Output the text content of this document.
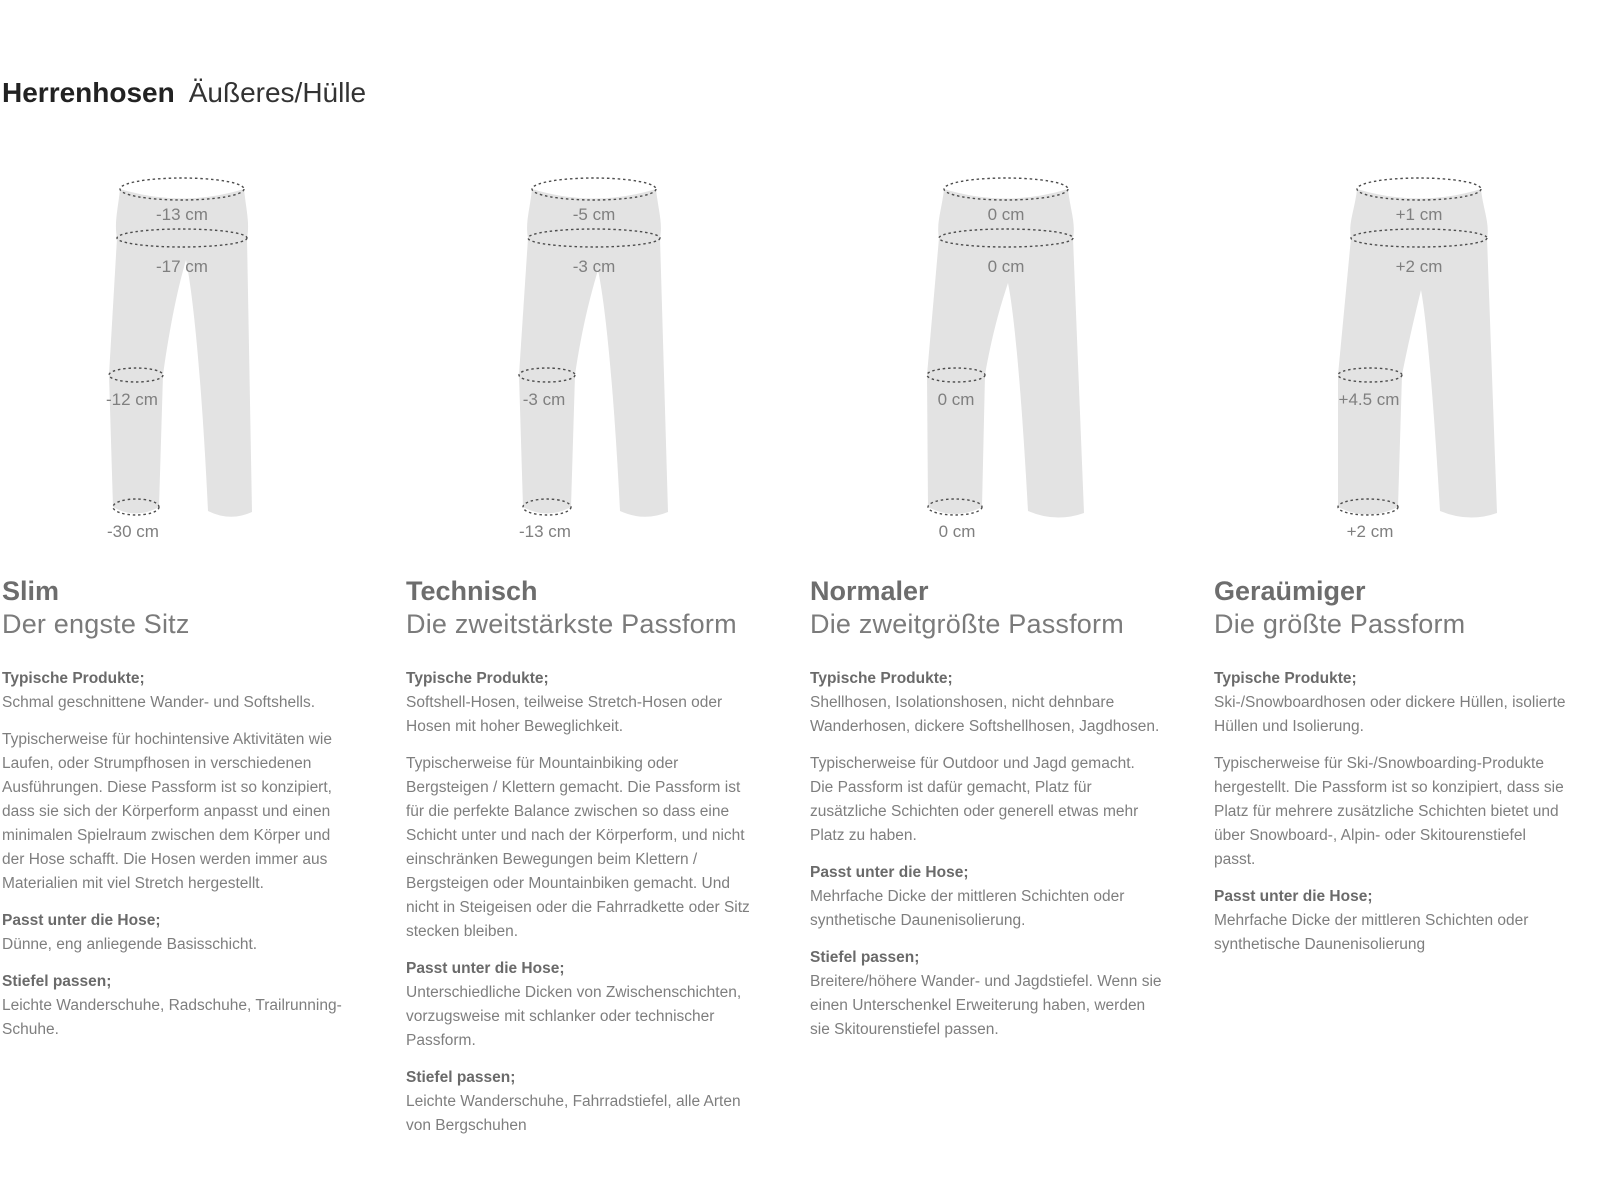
Herrenhosen Äußeres/Hülle
-13 cm
-17 cm
-12 cm
-30 cm
-5 cm
-3 cm
-3 cm
-13 cm
0 cm
0 cm
0 cm
0 cm
+1 cm
+2 cm
+4.5 cm
+2 cm
Slim
Der engste Sitz
Typische Produkte;
Schmal geschnittene Wander- und Softshells.
Typischerweise für hochintensive Aktivitäten wie Laufen, oder Strumpfhosen in verschiedenen Ausführungen. Diese Passform ist so konzipiert, dass sie sich der Körperform anpasst und einen minimalen Spielraum zwischen dem Körper und der Hose schafft. Die Hosen werden immer aus Materialien mit viel Stretch hergestellt.
Passt unter die Hose;
Dünne, eng anliegende Basisschicht.
Stiefel passen;
Leichte Wanderschuhe, Radschuhe, Trailrunning-Schuhe.
Technisch
Die zweitstärkste Passform
Typische Produkte;
Softshell-Hosen, teilweise Stretch-Hosen oder Hosen mit hoher Beweglichkeit.
Typischerweise für Mountainbiking oder Bergsteigen / Klettern gemacht. Die Passform ist für die perfekte Balance zwischen so dass eine Schicht unter und nach der Körperform, und nicht einschränken Bewegungen beim Klettern / Bergsteigen oder Mountainbiken gemacht. Und nicht in Steigeisen oder die Fahrradkette oder Sitz stecken bleiben.
Passt unter die Hose;
Unterschiedliche Dicken von Zwischenschichten, vorzugsweise mit schlanker oder technischer Passform.
Stiefel passen;
Leichte Wanderschuhe, Fahrradstiefel, alle Arten von Bergschuhen
Normaler
Die zweitgrößte Passform
Typische Produkte;
Shellhosen, Isolationshosen, nicht dehnbare Wanderhosen, dickere Softshellhosen, Jagdhosen.
Typischerweise für Outdoor und Jagd gemacht. Die Passform ist dafür gemacht, Platz für zusätzliche Schichten oder generell etwas mehr Platz zu haben.
Passt unter die Hose;
Mehrfache Dicke der mittleren Schichten oder synthetische Daunenisolierung.
Stiefel passen;
Breitere/höhere Wander- und Jagdstiefel. Wenn sie einen Unterschenkel Erweiterung haben, werden sie Skitourenstiefel passen.
Geraümiger
Die größte Passform
Typische Produkte;
Ski-/Snowboardhosen oder dickere Hüllen, isolierte Hüllen und Isolierung.
Typischerweise für Ski-/Snowboarding-Produkte hergestellt. Die Passform ist so konzipiert, dass sie Platz für mehrere zusätzliche Schichten bietet und über Snowboard-, Alpin- oder Skitourenstiefel passt.
Passt unter die Hose;
Mehrfache Dicke der mittleren Schichten oder synthetische Daunenisolierung
